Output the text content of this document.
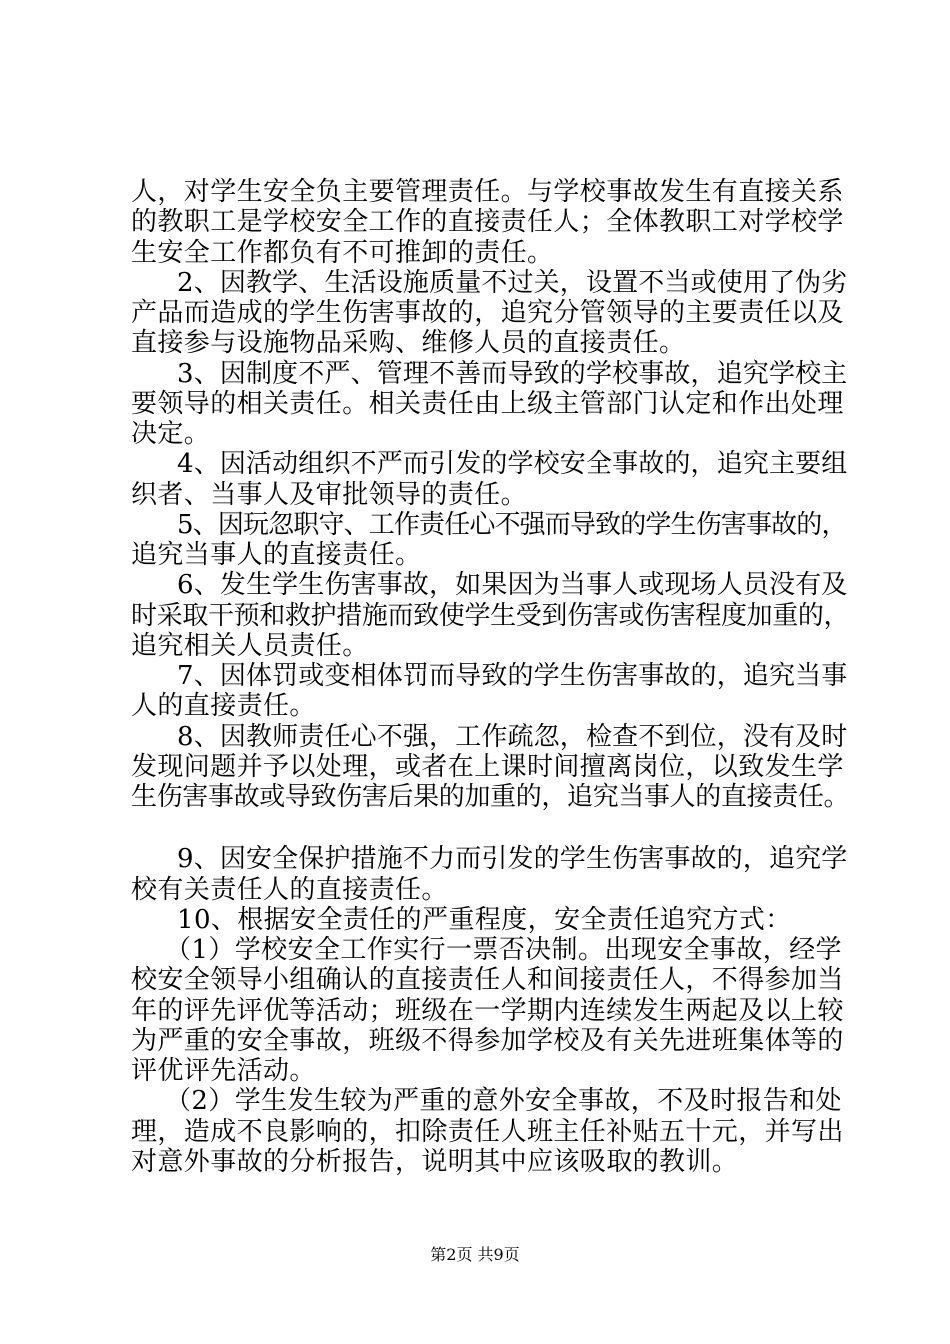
人，对学生安全负主要管理责任。与学校事故发生有直接关系
的教职工是学校安全工作的直接责任人；全体教职工对学校学
生安全工作都负有不可推卸的责任。
2、因教学、生活设施质量不过关，设置不当或使用了伪劣
产品而造成的学生伤害事故的，追究分管领导的主要责任以及
直接参与设施物品采购、维修人员的直接责任。
3、因制度不严、管理不善而导致的学校事故，追究学校主
要领导的相关责任。相关责任由上级主管部门认定和作出处理
决定。
4、因活动组织不严而引发的学校安全事故的，追究主要组
织者、当事人及审批领导的责任。
5、因玩忽职守、工作责任心不强而导致的学生伤害事故的，
追究当事人的直接责任。
6、发生学生伤害事故，如果因为当事人或现场人员没有及
时采取干预和救护措施而致使学生受到伤害或伤害程度加重的，
追究相关人员责任。
7、因体罚或变相体罚而导致的学生伤害事故的，追究当事
人的直接责任。
8、因教师责任心不强，工作疏忽，检查不到位，没有及时
发现问题并予以处理，或者在上课时间擅离岗位，以致发生学
生伤害事故或导致伤害后果的加重的，追究当事人的直接责任。
9、因安全保护措施不力而引发的学生伤害事故的，追究学
校有关责任人的直接责任。
10、根据安全责任的严重程度，安全责任追究方式：
（1）学校安全工作实行一票否决制。出现安全事故，经学
校安全领导小组确认的直接责任人和间接责任人，不得参加当
年的评先评优等活动；班级在一学期内连续发生两起及以上较
为严重的安全事故，班级不得参加学校及有关先进班集体等的
评优评先活动。
（2）学生发生较为严重的意外安全事故，不及时报告和处
理，造成不良影响的，扣除责任人班主任补贴五十元，并写出
对意外事故的分析报告，说明其中应该吸取的教训。
第2页 共9页
